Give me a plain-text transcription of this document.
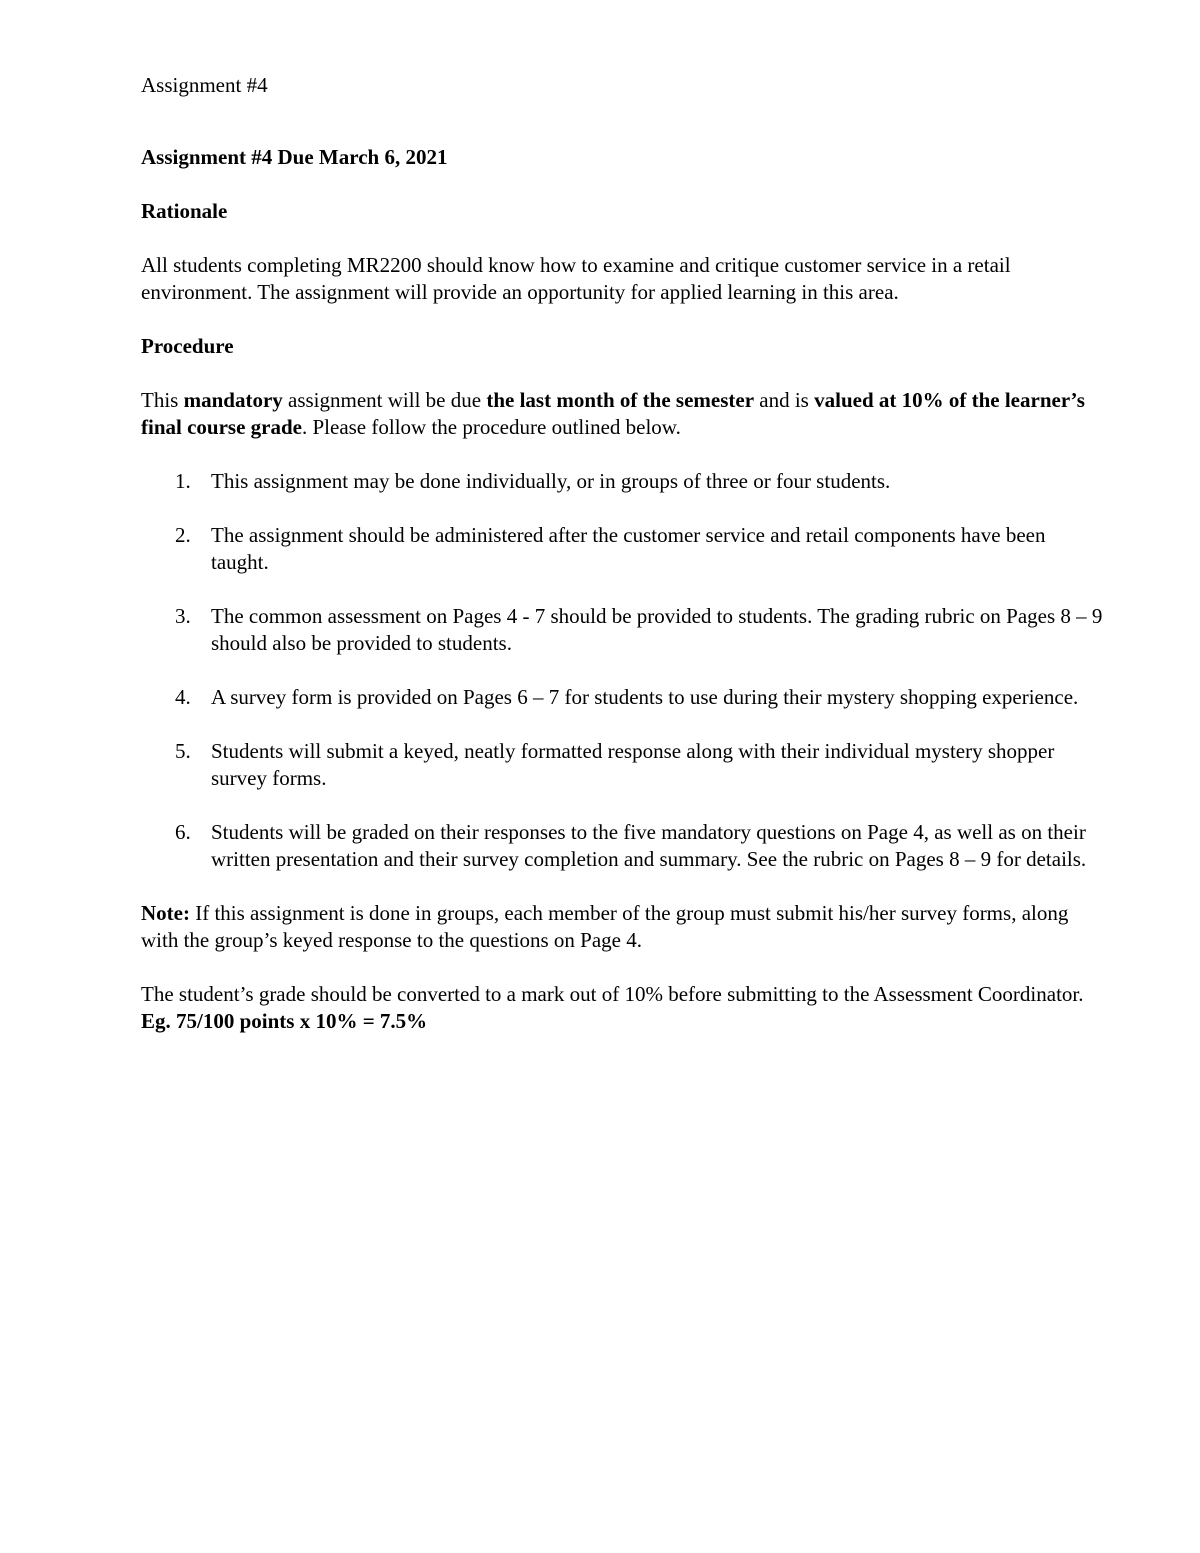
Assignment #4

Assignment #4 Due March 6, 2021

Rationale

All students completing MR2200 should know how to examine and critique customer service in a retail environment. The assignment will provide an opportunity for applied learning in this area.

Procedure

This mandatory assignment will be due the last month of the semester and is valued at 10% of the learner’s final course grade. Please follow the procedure outlined below.

1. This assignment may be done individually, or in groups of three or four students.
2. The assignment should be administered after the customer service and retail components have been taught.
3. The common assessment on Pages 4 - 7 should be provided to students. The grading rubric on Pages 8 – 9 should also be provided to students.
4. A survey form is provided on Pages 6 – 7 for students to use during their mystery shopping experience.
5. Students will submit a keyed, neatly formatted response along with their individual mystery shopper survey forms.
6. Students will be graded on their responses to the five mandatory questions on Page 4, as well as on their written presentation and their survey completion and summary. See the rubric on Pages 8 – 9 for details.

Note: If this assignment is done in groups, each member of the group must submit his/her survey forms, along with the group’s keyed response to the questions on Page 4.

The student’s grade should be converted to a mark out of 10% before submitting to the Assessment Coordinator. Eg. 75/100 points x 10% = 7.5%
